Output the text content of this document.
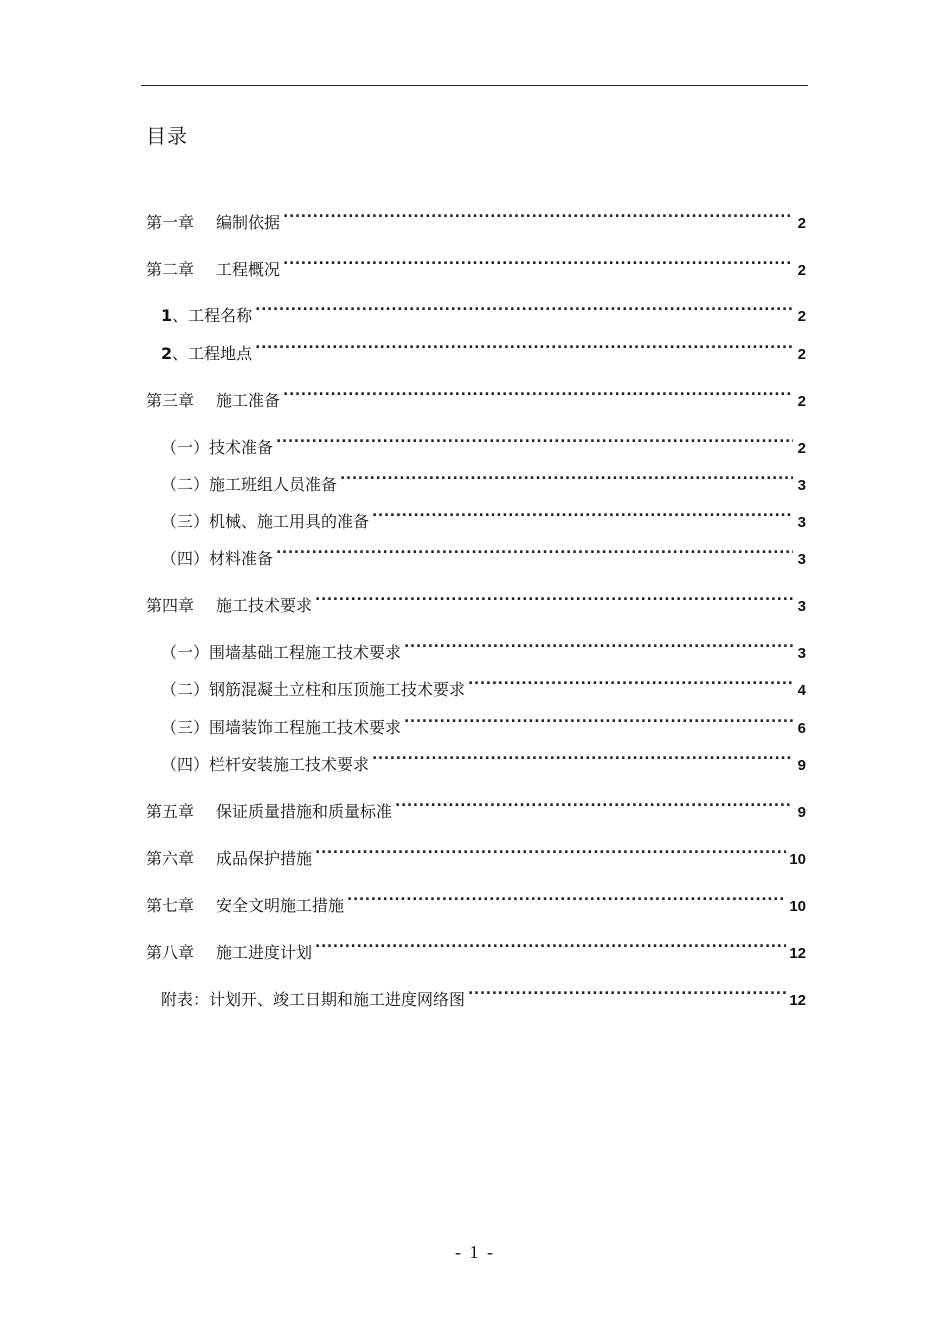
目录
第一章 编制依据 .....	2
第二章 工程概况 .....	2
1、工程名称 .....	2
2、工程地点 .....	2
第三章 施工准备 .....	2
（一）技术准备 .....	2
（二）施工班组人员准备 .....	3
（三）机械、施工用具的准备 .....	3
（四）材料准备 .....	3
第四章 施工技术要求 .....	3
（一）围墙基础工程施工技术要求 .....	3
（二）钢筋混凝土立柱和压顶施工技术要求 .....	4
（三）围墙装饰工程施工技术要求 .....	6
（四）栏杆安装施工技术要求 .....	9
第五章 保证质量措施和质量标准 .....	9
第六章 成品保护措施 .....	10
第七章 安全文明施工措施 .....	10
第八章 施工进度计划 .....	12
附表：计划开、竣工日期和施工进度网络图 .....	12
- 1 -
